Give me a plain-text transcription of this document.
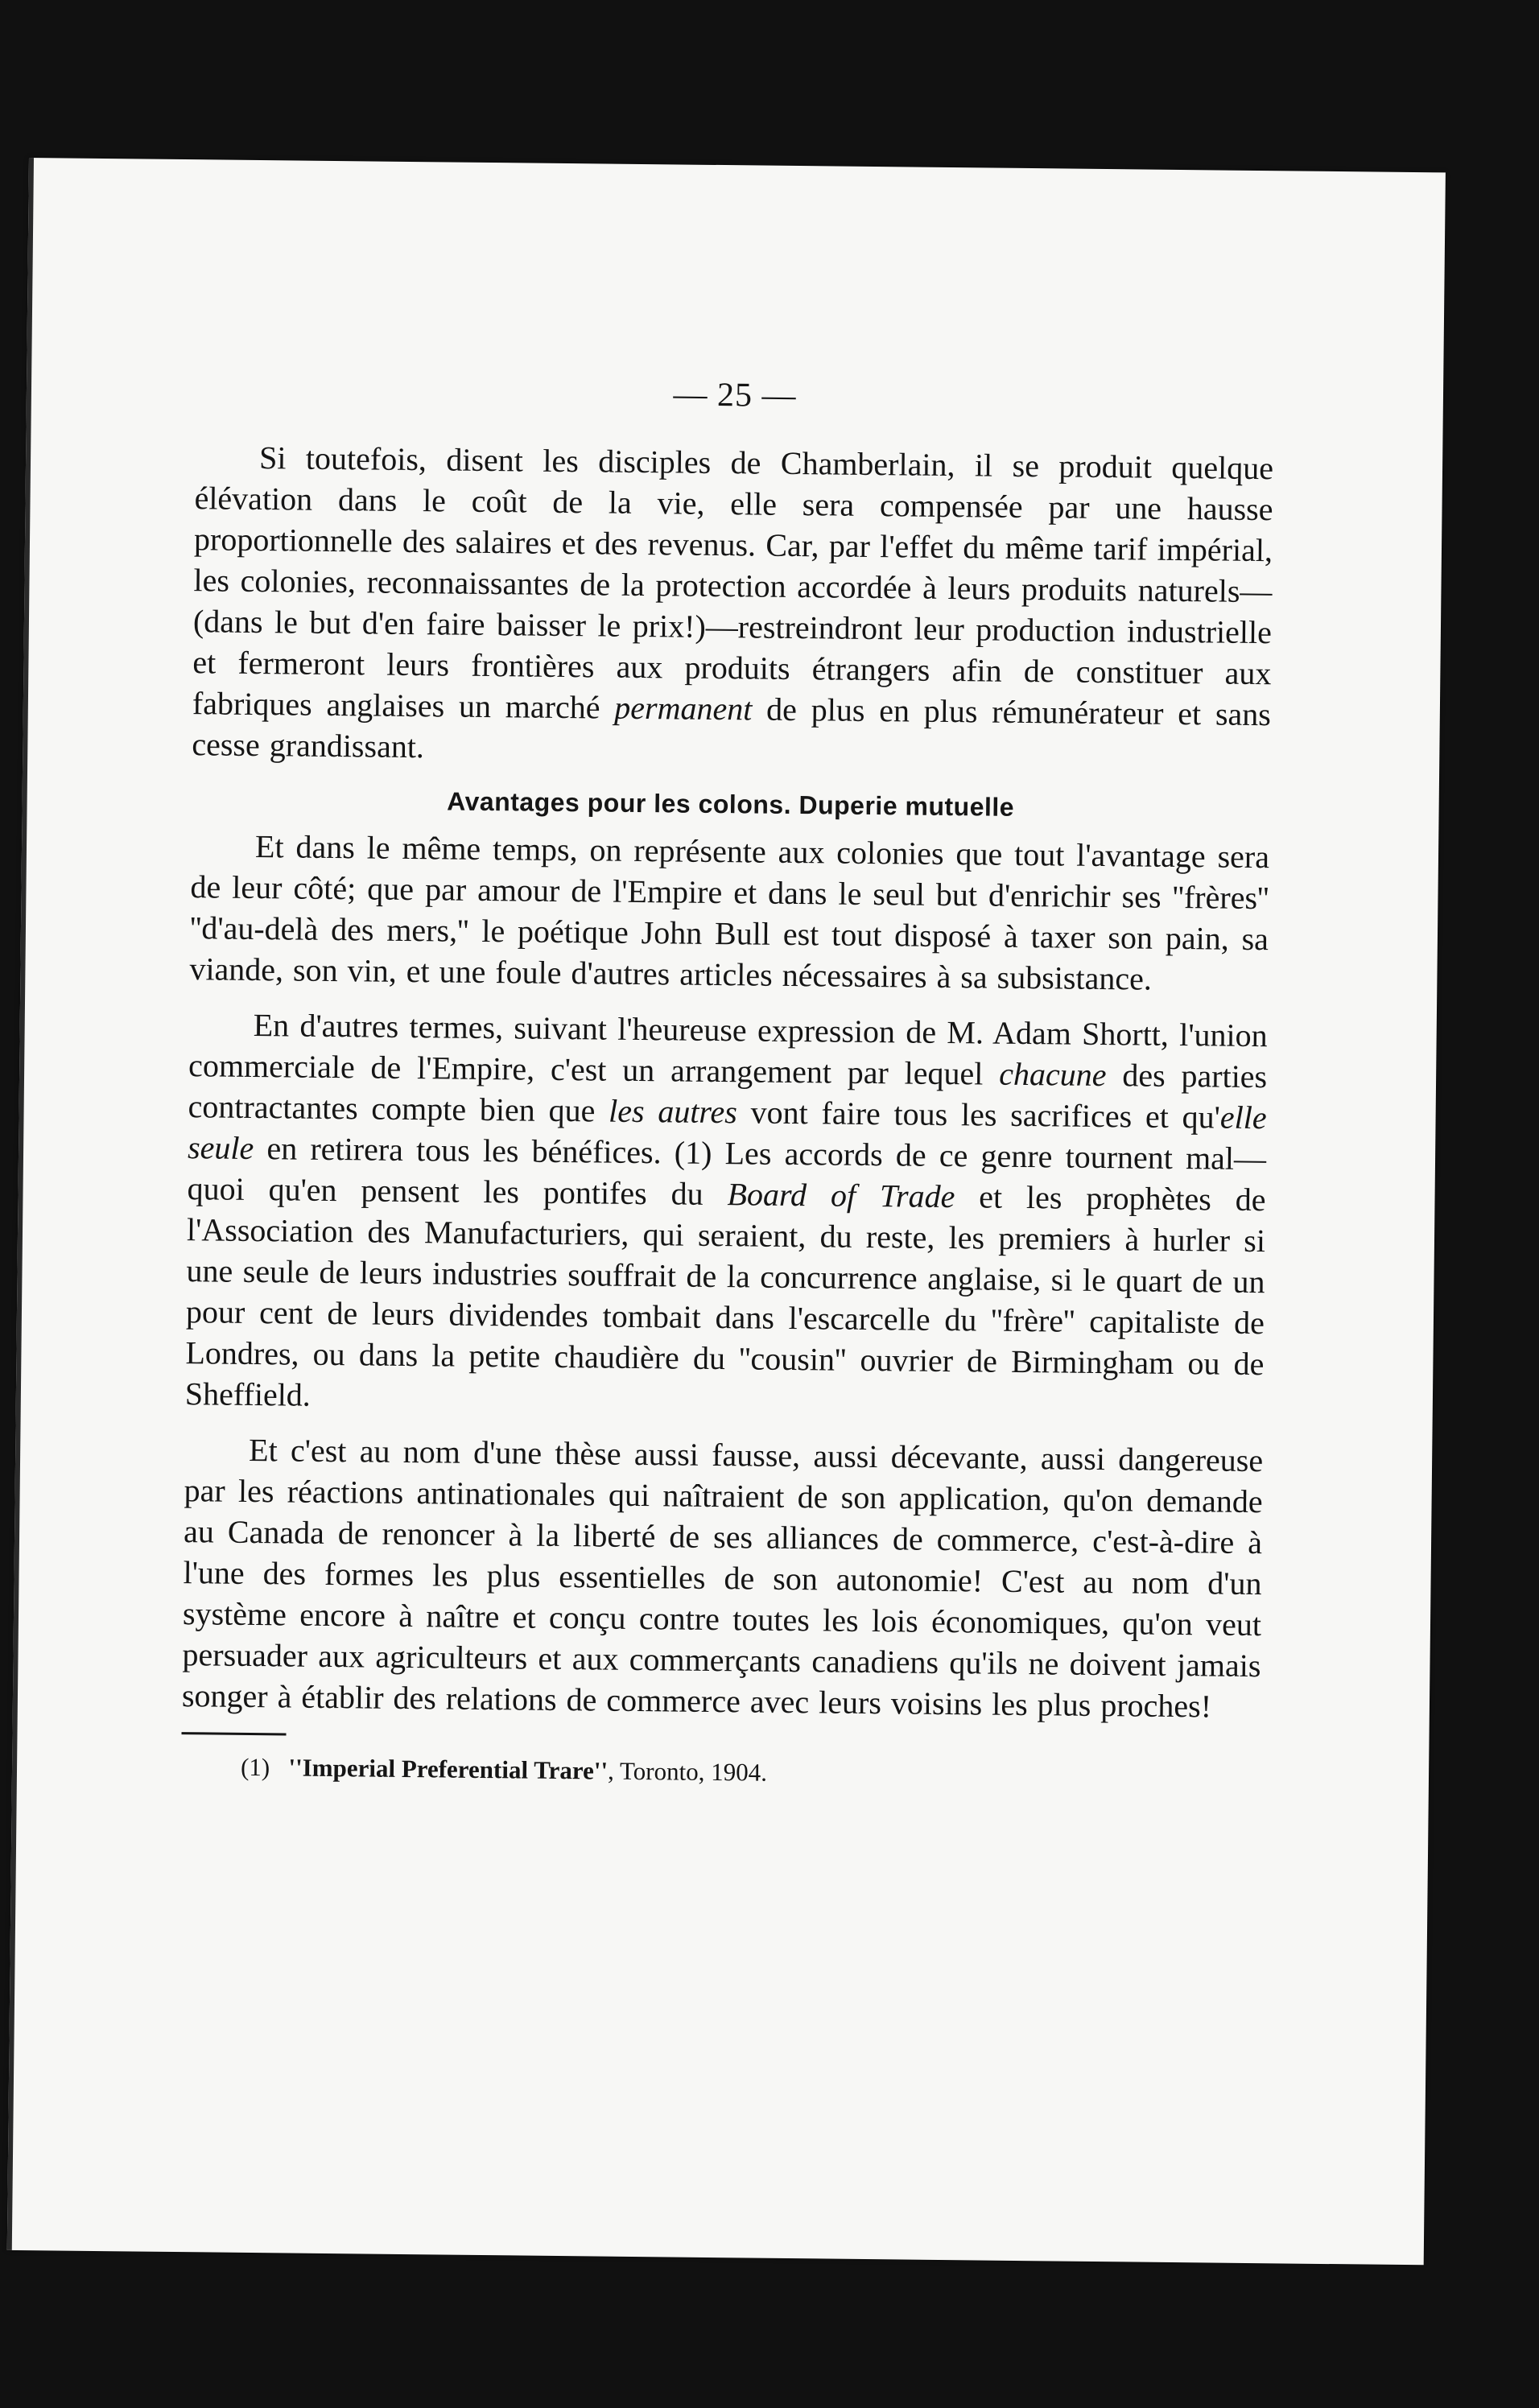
— 25 —

Si toutefois, disent les disciples de Chamberlain, il se produit quelque élévation dans le coût de la vie, elle sera compensée par une hausse proportionnelle des salaires et des revenus. Car, par l'effet du même tarif impérial, les colonies, reconnaissantes de la protection accordée à leurs produits naturels—(dans le but d'en faire baisser le prix!)—restreindront leur production industrielle et fermeront leurs frontières aux produits étrangers afin de constituer aux fabriques anglaises un marché permanent de plus en plus rémunérateur et sans cesse grandissant.

Avantages pour les colons. Duperie mutuelle

Et dans le même temps, on représente aux colonies que tout l'avantage sera de leur côté; que par amour de l'Empire et dans le seul but d'enrichir ses ''frères'' ''d'au-delà des mers,'' le poétique John Bull est tout disposé à taxer son pain, sa viande, son vin, et une foule d'autres articles nécessaires à sa subsistance.

En d'autres termes, suivant l'heureuse expression de M. Adam Shortt, l'union commerciale de l'Empire, c'est un arrangement par lequel chacune des parties contractantes compte bien que les autres vont faire tous les sacrifices et qu'elle seule en retirera tous les bénéfices. (1) Les accords de ce genre tournent mal—quoi qu'en pensent les pontifes du Board of Trade et les prophètes de l'Association des Manufacturiers, qui seraient, du reste, les premiers à hurler si une seule de leurs industries souffrait de la concurrence anglaise, si le quart de un pour cent de leurs dividendes tombait dans l'escarcelle du ''frère'' capitaliste de Londres, ou dans la petite chaudière du ''cousin'' ouvrier de Birmingham ou de Sheffield.

Et c'est au nom d'une thèse aussi fausse, aussi décevante, aussi dangereuse par les réactions antinationales qui naîtraient de son application, qu'on demande au Canada de renoncer à la liberté de ses alliances de commerce, c'est-à-dire à l'une des formes les plus essentielles de son autonomie! C'est au nom d'un système encore à naître et conçu contre toutes les lois économiques, qu'on veut persuader aux agriculteurs et aux commerçants canadiens qu'ils ne doivent jamais songer à établir des relations de commerce avec leurs voisins les plus proches!

(1) ''Imperial Preferential Trare'', Toronto, 1904.
